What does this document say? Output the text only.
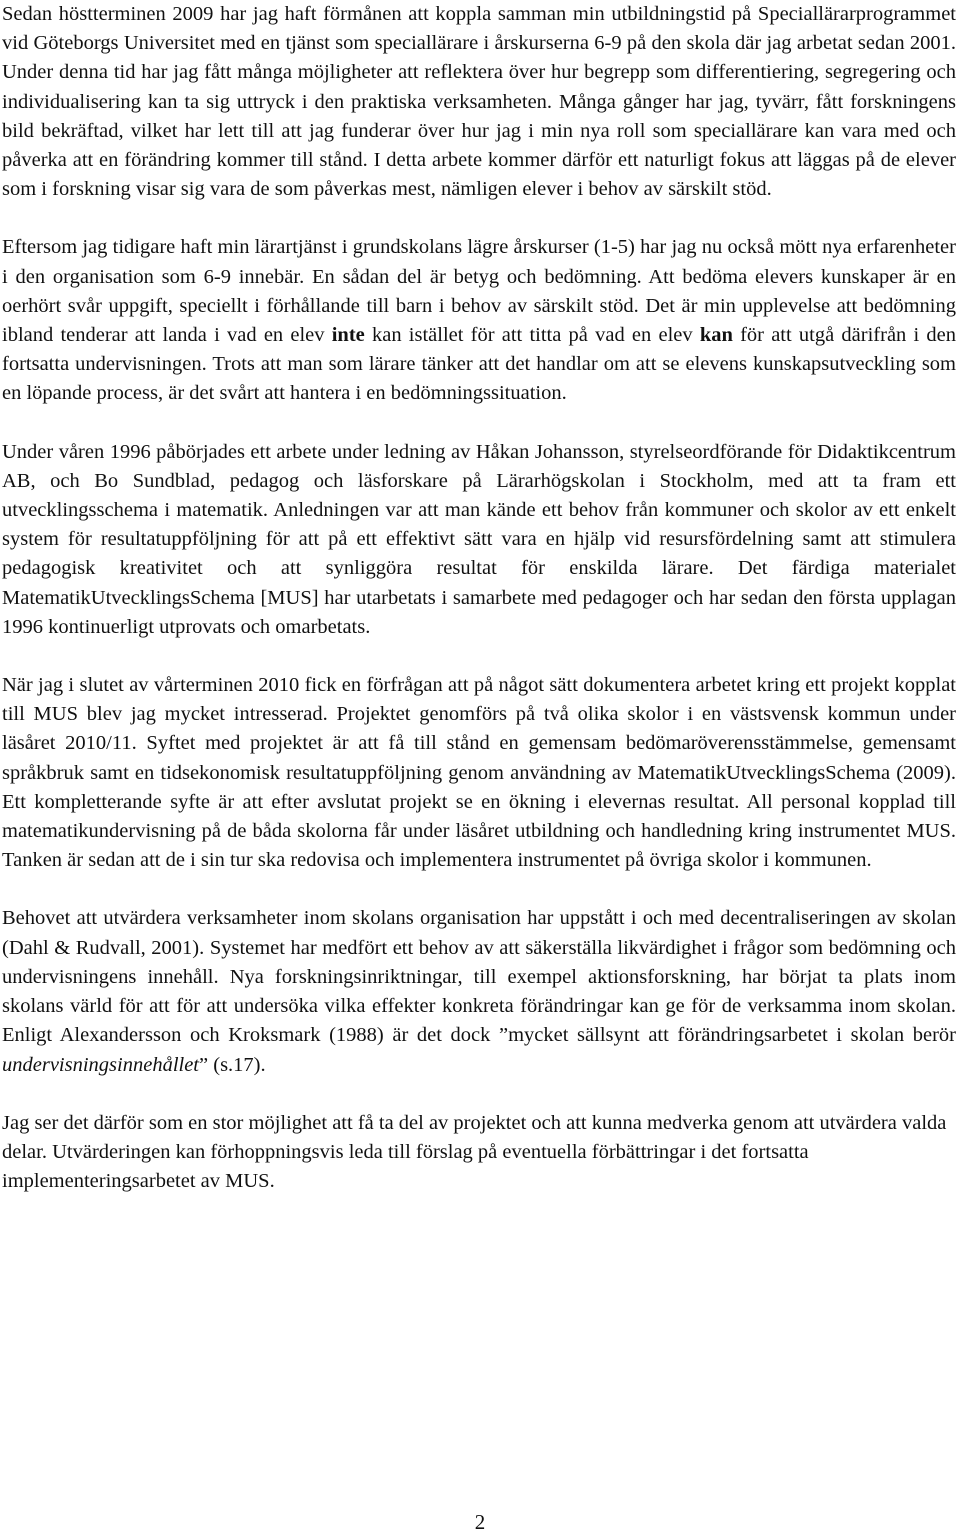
Sedan höstterminen 2009 har jag haft förmånen att koppla samman min utbildningstid på Speciallärarprogrammet vid Göteborgs Universitet med en tjänst som speciallärare i årskurserna 6-9 på den skola där jag arbetat sedan 2001. Under denna tid har jag fått många möjligheter att reflektera över hur begrepp som differentiering, segregering och individualisering kan ta sig uttryck i den praktiska verksamheten. Många gånger har jag, tyvärr, fått forskningens bild bekräftad, vilket har lett till att jag funderar över hur jag i min nya roll som speciallärare kan vara med och påverka att en förändring kommer till stånd. I detta arbete kommer därför ett naturligt fokus att läggas på de elever som i forskning visar sig vara de som påverkas mest, nämligen elever i behov av särskilt stöd.

Eftersom jag tidigare haft min lärartjänst i grundskolans lägre årskurser (1-5) har jag nu också mött nya erfarenheter i den organisation som 6-9 innebär. En sådan del är betyg och bedömning. Att bedöma elevers kunskaper är en oerhört svår uppgift, speciellt i förhållande till barn i behov av särskilt stöd. Det är min upplevelse att bedömning ibland tenderar att landa i vad en elev inte kan istället för att titta på vad en elev kan för att utgå därifrån i den fortsatta undervisningen. Trots att man som lärare tänker att det handlar om att se elevens kunskapsutveckling som en löpande process, är det svårt att hantera i en bedömningssituation.

Under våren 1996 påbörjades ett arbete under ledning av Håkan Johansson, styrelseordförande för Didaktikcentrum AB, och Bo Sundblad, pedagog och läsforskare på Lärarhögskolan i Stockholm, med att ta fram ett utvecklingsschema i matematik. Anledningen var att man kände ett behov från kommuner och skolor av ett enkelt system för resultatuppföljning för att på ett effektivt sätt vara en hjälp vid resursfördelning samt att stimulera pedagogisk kreativitet och att synliggöra resultat för enskilda lärare. Det färdiga materialet MatematikUtvecklingsSchema [MUS] har utarbetats i samarbete med pedagoger och har sedan den första upplagan 1996 kontinuerligt utprovats och omarbetats.

När jag i slutet av vårterminen 2010 fick en förfrågan att på något sätt dokumentera arbetet kring ett projekt kopplat till MUS blev jag mycket intresserad. Projektet genomförs på två olika skolor i en västsvensk kommun under läsåret 2010/11. Syftet med projektet är att få till stånd en gemensam bedömaröverensstämmelse, gemensamt språkbruk samt en tidsekonomisk resultatuppföljning genom användning av MatematikUtvecklingsSchema (2009). Ett kompletterande syfte är att efter avslutat projekt se en ökning i elevernas resultat. All personal kopplad till matematikundervisning på de båda skolorna får under läsåret utbildning och handledning kring instrumentet MUS. Tanken är sedan att de i sin tur ska redovisa och implementera instrumentet på övriga skolor i kommunen.

Behovet att utvärdera verksamheter inom skolans organisation har uppstått i och med decentraliseringen av skolan (Dahl & Rudvall, 2001). Systemet har medfört ett behov av att säkerställa likvärdighet i frågor som bedömning och undervisningens innehåll. Nya forskningsinriktningar, till exempel aktionsforskning, har börjat ta plats inom skolans värld för att för att undersöka vilka effekter konkreta förändringar kan ge för de verksamma inom skolan. Enligt Alexandersson och Kroksmark (1988) är det dock ”mycket sällsynt att förändringsarbetet i skolan berör undervisningsinnehållet” (s.17).

Jag ser det därför som en stor möjlighet att få ta del av projektet och att kunna medverka genom att utvärdera valda delar. Utvärderingen kan förhoppningsvis leda till förslag på eventuella förbättringar i det fortsatta implementeringsarbetet av MUS.

2
